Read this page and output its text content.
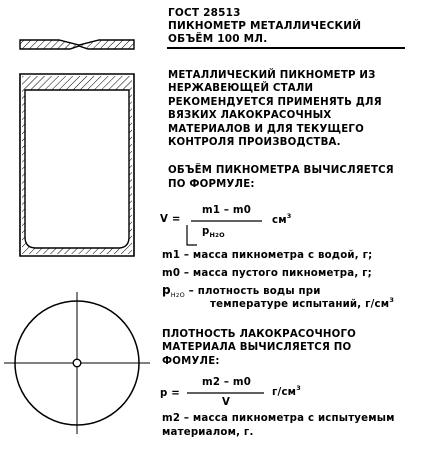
ГОСТ 28513
ПИКНОМЕТР МЕТАЛЛИЧЕСКИЙ
ОБЪЁМ 100 МЛ.
МЕТАЛЛИЧЕСКИЙ ПИКНОМЕТР ИЗ
НЕРЖАВЕЮЩЕЙ СТАЛИ
РЕКОМЕНДУЕТСЯ ПРИМЕНЯТЬ ДЛЯ
ВЯЗКИХ ЛАКОКРАСОЧНЫХ
МАТЕРИАЛОВ И ДЛЯ ТЕКУЩЕГО
КОНТРОЛЯ ПРОИЗВОДСТВА.
ОБЪЁМ ПИКНОМЕТРА ВЫЧИСЛЯЕТСЯ
ПО ФОРМУЛЕ:
V =
m1 – m0
$p_{H2O}$
$см^3$
m1 – масса пикнометра с водой, г;
m0 – масса пустого пикнометра, г;
$p_{H2O}$ – плотность воды при
температуре испытаний, $г/см^3$
ПЛОТНОСТЬ ЛАКОКРАСОЧНОГО
МАТЕРИАЛА ВЫЧИСЛЯЕТСЯ ПО
ФОМУЛЕ:
p =
m2 – m0
V
$г/см^3$
m2 – масса пикнометра с испытуемым
материалом, г.
